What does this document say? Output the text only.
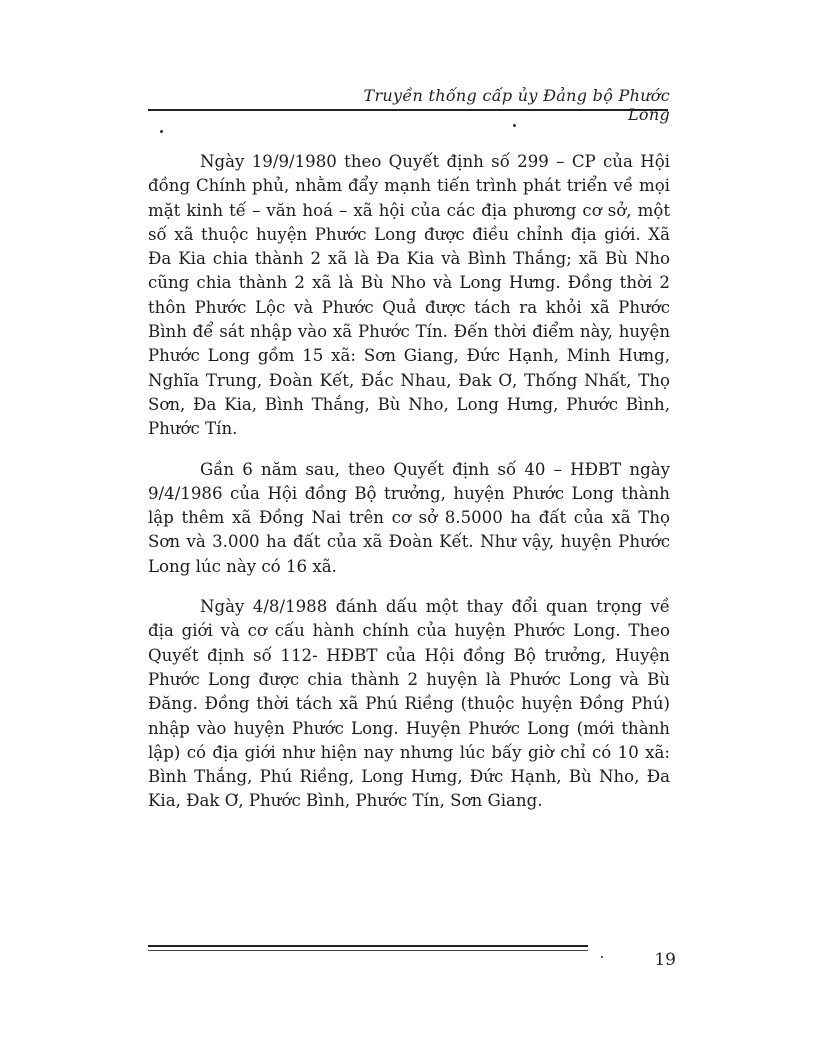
Truyền thống cấp ủy Đảng bộ Phước Long

Ngày 19/9/1980 theo Quyết định số 299 – CP của Hội đồng Chính phủ, nhằm đẩy mạnh tiến trình phát triển về mọi mặt kinh tế – văn hoá – xã hội của các địa phương cơ sở, một số xã thuộc huyện Phước Long được điều chỉnh địa giới. Xã Đa Kia chia thành 2 xã là Đa Kia và Bình Thắng; xã Bù Nho cũng chia thành 2 xã là Bù Nho và Long Hưng. Đồng thời 2 thôn Phước Lộc và Phước Quả được tách ra khỏi xã Phước Bình để sát nhập vào xã Phước Tín. Đến thời điểm này, huyện Phước Long gồm 15 xã: Sơn Giang, Đức Hạnh, Minh Hưng, Nghĩa Trung, Đoàn Kết, Đắc Nhau, Đak Ơ, Thống Nhất, Thọ Sơn, Đa Kia, Bình Thắng, Bù Nho, Long Hưng, Phước Bình, Phước Tín.

Gần 6 năm sau, theo Quyết định số 40 – HĐBT ngày 9/4/1986 của Hội đồng Bộ trưởng, huyện Phước Long thành lập thêm xã Đồng Nai trên cơ sở 8.5000 ha đất của xã Thọ Sơn và 3.000 ha đất của xã Đoàn Kết. Như vậy, huyện Phước Long lúc này có 16 xã.

Ngày 4/8/1988 đánh dấu một thay đổi quan trọng về địa giới và cơ cấu hành chính của huyện Phước Long. Theo Quyết định số 112- HĐBT của Hội đồng Bộ trưởng, Huyện Phước Long được chia thành 2 huyện là Phước Long và Bù Đăng. Đồng thời tách xã Phú Riềng (thuộc huyện Đồng Phú) nhập vào huyện Phước Long. Huyện Phước Long (mới thành lập) có địa giới như hiện nay nhưng lúc bấy giờ chỉ có 10 xã: Bình Thắng, Phú Riềng, Long Hưng, Đức Hạnh, Bù Nho, Đa Kia, Đak Ơ, Phước Bình, Phước Tín, Sơn Giang.

19
